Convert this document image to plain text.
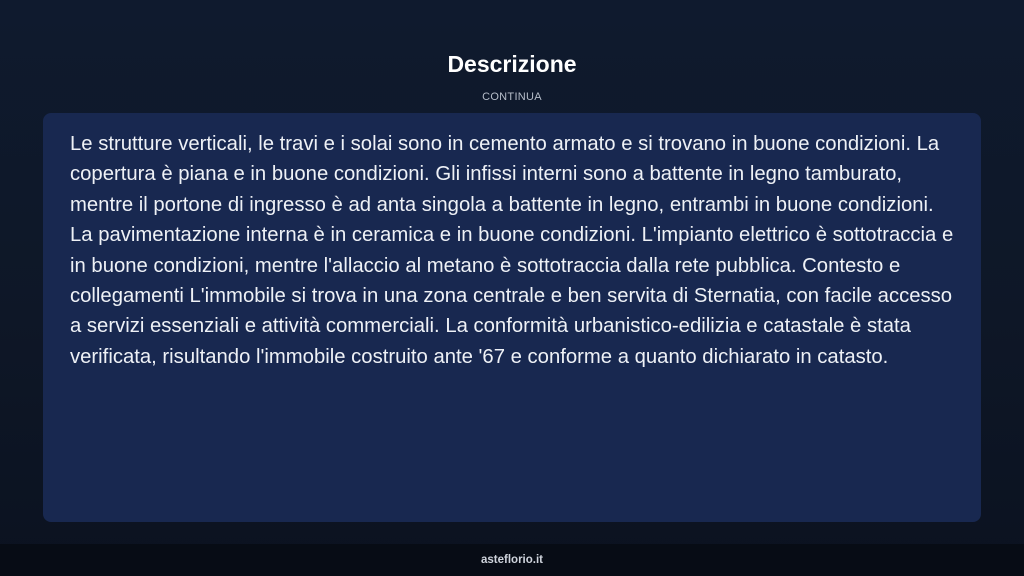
Descrizione
CONTINUA

Le strutture verticali, le travi e i solai sono in cemento armato e si trovano in buone condizioni. La copertura è piana e in buone condizioni. Gli infissi interni sono a battente in legno tamburato, mentre il portone di ingresso è ad anta singola a battente in legno, entrambi in buone condizioni. La pavimentazione interna è in ceramica e in buone condizioni. L'impianto elettrico è sottotraccia e in buone condizioni, mentre l'allaccio al metano è sottotraccia dalla rete pubblica. Contesto e collegamenti L'immobile si trova in una zona centrale e ben servita di Sternatia, con facile accesso a servizi essenziali e attività commerciali. La conformità urbanistico-edilizia e catastale è stata verificata, risultando l'immobile costruito ante '67 e conforme a quanto dichiarato in catasto.

asteflorio.it
